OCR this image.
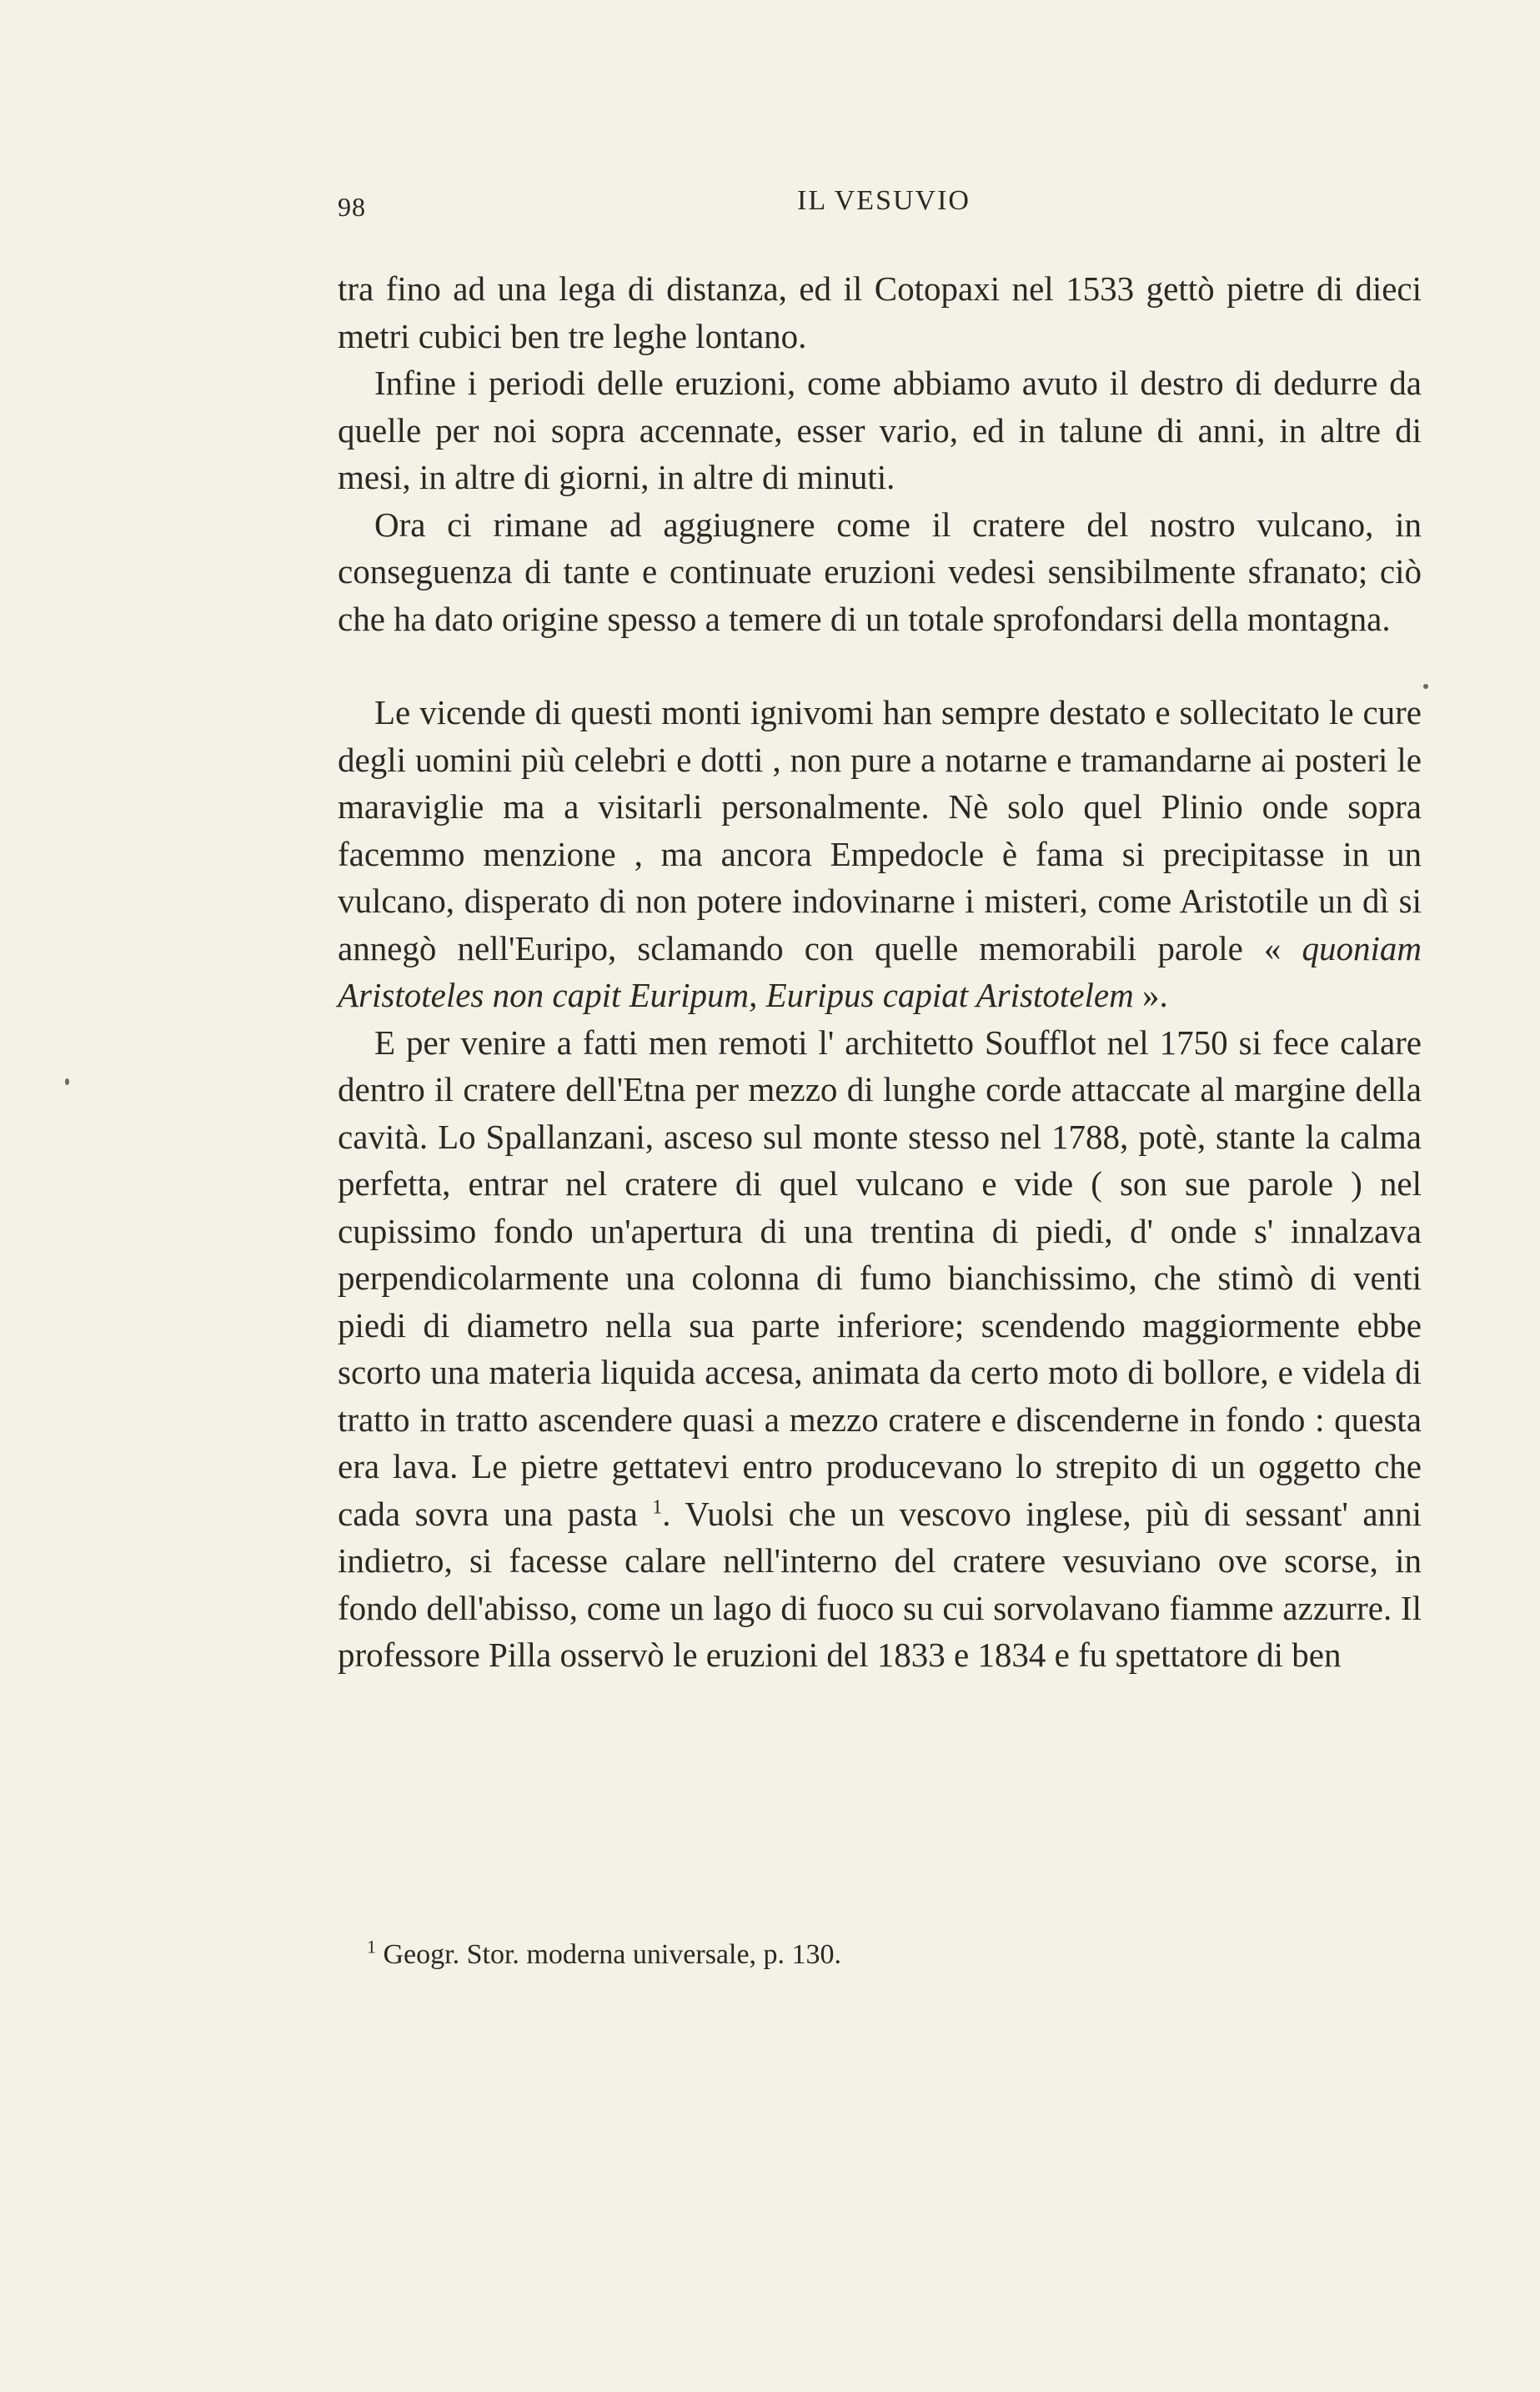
98	IL VESUVIO

tra fino ad una lega di distanza, ed il Cotopaxi nel 1533 gettò pietre di dieci metri cubici ben tre leghe lontano.

Infine i periodi delle eruzioni, come abbiamo avuto il destro di dedurre da quelle per noi sopra accennate, esser vario, ed in talune di anni, in altre di mesi, in altre di giorni, in altre di minuti.

Ora ci rimane ad aggiugnere come il cratere del nostro vulcano, in conseguenza di tante e continuate eruzioni vedesi sensibilmente sfranato; ciò che ha dato origine spesso a temere di un totale sprofondarsi della montagna.

Le vicende di questi monti ignivomi han sempre destato e sollecitato le cure degli uomini più celebri e dotti , non pure a notarne e tramandarne ai posteri le maraviglie ma a visitarli personalmente. Nè solo quel Plinio onde sopra facemmo menzione , ma ancora Empedocle è fama si precipitasse in un vulcano, disperato di non potere indovinarne i misteri, come Aristotile un dì si annegò nell'Euripo, sclamando con quelle memorabili parole « quoniam Aristoteles non capit Euripum, Euripus capiat Aristotelem ».

E per venire a fatti men remoti l' architetto Soufflot nel 1750 si fece calare dentro il cratere dell'Etna per mezzo di lunghe corde attaccate al margine della cavità. Lo Spallanzani, asceso sul monte stesso nel 1788, potè, stante la calma perfetta, entrar nel cratere di quel vulcano e vide ( son sue parole ) nel cupissimo fondo un'apertura di una trentina di piedi, d' onde s' innalzava perpendicolarmente una colonna di fumo bianchissimo, che stimò di venti piedi di diametro nella sua parte inferiore; scendendo maggiormente ebbe scorto una materia liquida accesa, animata da certo moto di bollore, e videla di tratto in tratto ascendere quasi a mezzo cratere e discenderne in fondo : questa era lava. Le pietre gettatevi entro producevano lo strepito di un oggetto che cada sovra una pasta $^1$. Vuolsi che un vescovo inglese, più di sessant' anni indietro, si facesse calare nell'interno del cratere vesuviano ove scorse, in fondo dell'abisso, come un lago di fuoco su cui sorvolavano fiamme azzurre. Il professore Pilla osservò le eruzioni del 1833 e 1834 e fu spettatore di ben

$^1$ Geogr. Stor. moderna universale, p. 130.
